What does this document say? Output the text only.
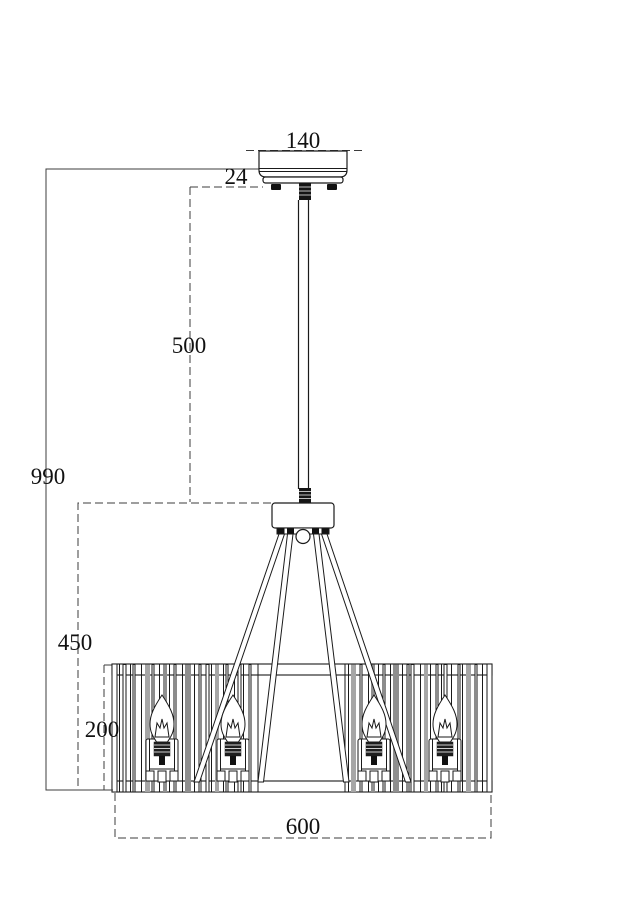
140
24
500
990
450
200
600
